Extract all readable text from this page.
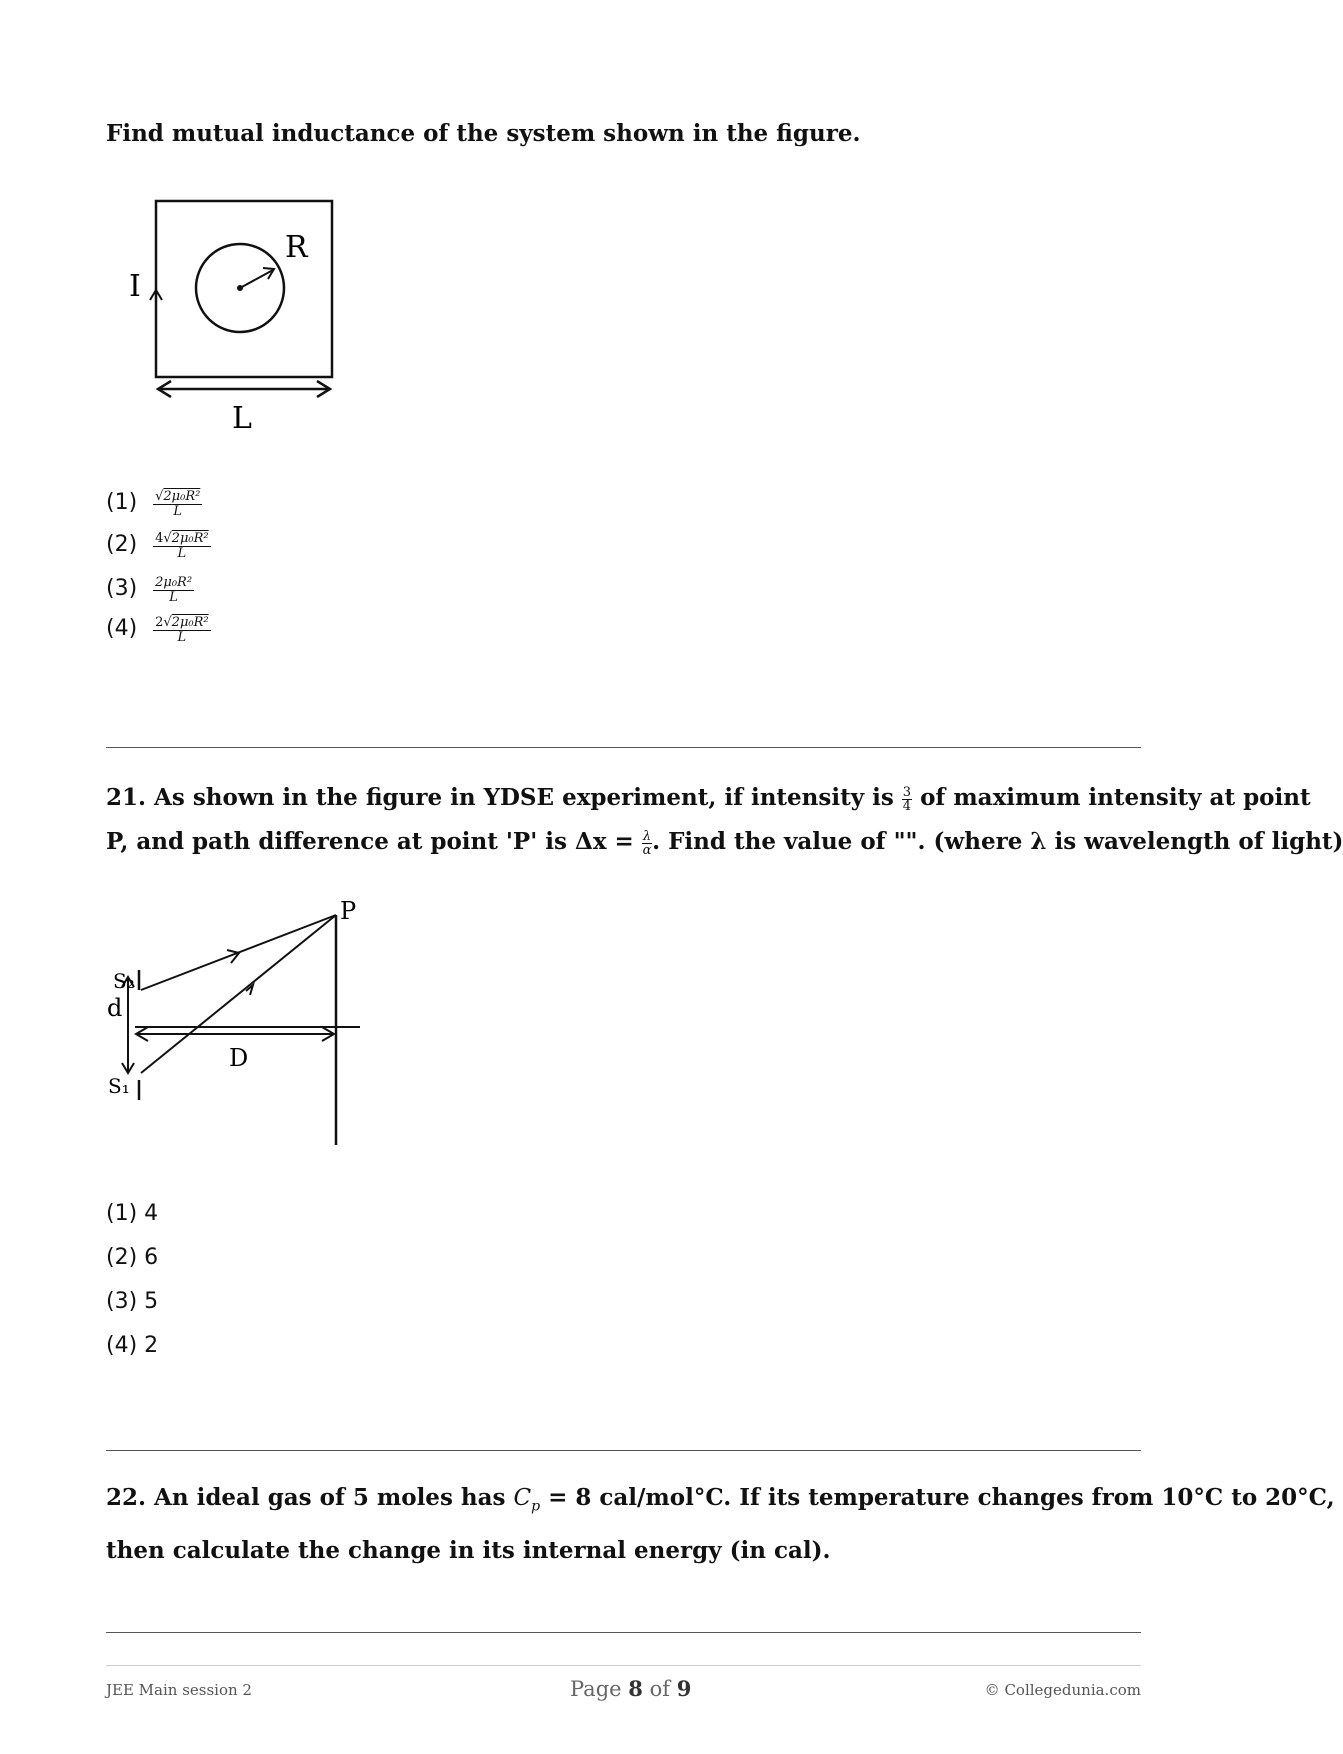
Find mutual inductance of the system shown in the figure.
I
R
L
$(1) \frac{\text{√2μ₀R²}}{L}$
$(2) \frac{\text{4√2μ₀R²}}{L}$
$(3) \frac{\text{2μ₀R²}}{L}$
$(4) \frac{\text{2√2μ₀R²}}{L}$
21. As shown in the figure in YDSE experiment, if intensity is $\frac{3}{4}$ of maximum intensity at point
P, and path difference at point 'P' is $\Delta x = \frac{\lambda}{\alpha}$ . Find the value of "". (where λ is wavelength of light)
P
S₂
S₁
d
D
(1) 4
(2) 6
(3) 5
(4) 2
22. An ideal gas of 5 moles has $C_p = 8$ cal/mol°C. If its temperature changes from 10°C to 20°C,
then calculate the change in its internal energy (in cal).
JEE Main session 2	Page 8 of 9	© Collegedunia.com
